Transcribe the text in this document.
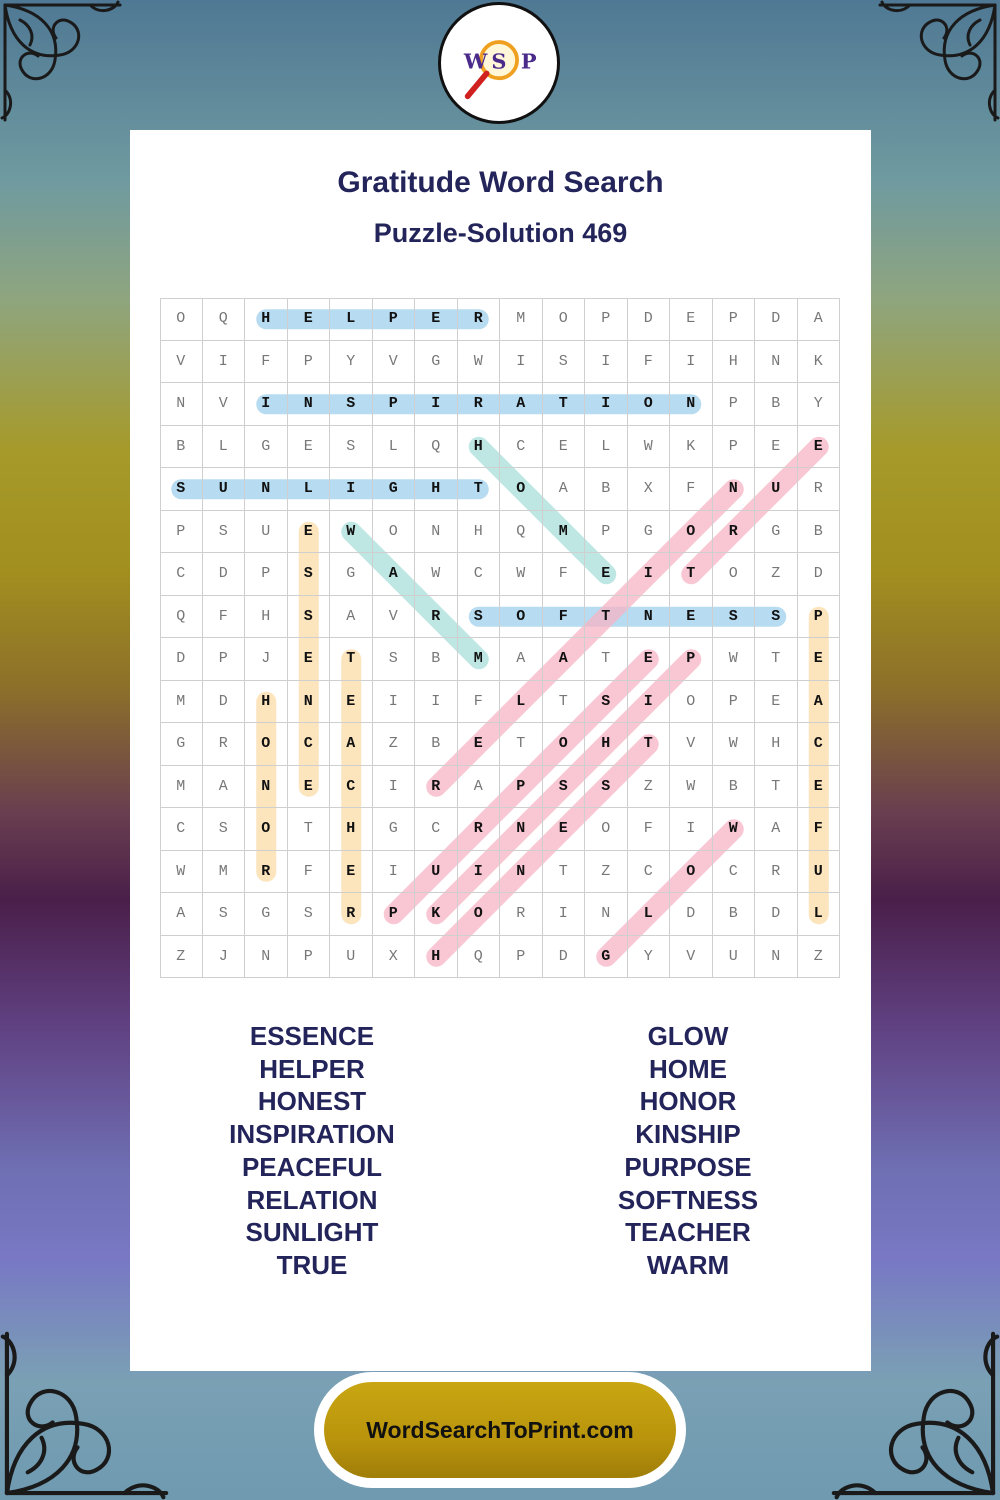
W S P
Gratitude Word Search
Puzzle-Solution 469
O	Q	H	E	L	P	E	R	M	O	P	D	E	P	D	A
V	I	F	P	Y	V	G	W	I	S	I	F	I	H	N	K
N	V	I	N	S	P	I	R	A	T	I	O	N	P	B	Y
B	L	G	E	S	L	Q	H	C	E	L	W	K	P	E	E
S	U	N	L	I	G	H	T	O	A	B	X	F	N	U	R
P	S	U	E	W	O	N	H	Q	M	P	G	O	R	G	B
C	D	P	S	G	A	W	C	W	F	E	I	T	O	Z	D
Q	F	H	S	A	V	R	S	O	F	T	N	E	S	S	P
D	P	J	E	T	S	B	M	A	A	T	E	P	W	T	E
M	D	H	N	E	I	I	F	L	T	S	I	O	P	E	A
G	R	O	C	A	Z	B	E	T	O	H	T	V	W	H	C
M	A	N	E	C	I	R	A	P	S	S	Z	W	B	T	E
C	S	O	T	H	G	C	R	N	E	O	F	I	W	A	F
W	M	R	F	E	I	U	I	N	T	Z	C	O	C	R	U
A	S	G	S	R	P	K	O	R	I	N	L	D	B	D	L
Z	J	N	P	U	X	H	Q	P	D	G	Y	V	U	N	Z
ESSENCE
HELPER
HONEST
INSPIRATION
PEACEFUL
RELATION
SUNLIGHT
TRUE
GLOW
HOME
HONOR
KINSHIP
PURPOSE
SOFTNESS
TEACHER
WARM
WordSearchToPrint.com
